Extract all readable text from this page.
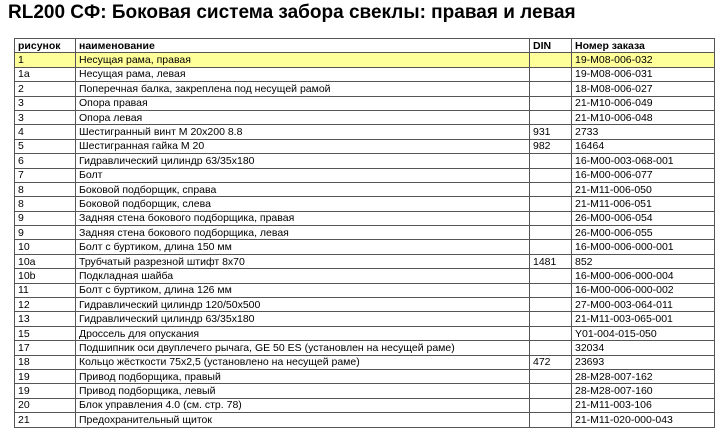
RL200 СФ: Боковая система забора свеклы: правая и левая
рисунок	наименование	DIN	Номер заказа
1	Несущая рама, правая		19-M08-006-032
1a	Несущая рама, левая		19-M08-006-031
2	Поперечная балка, закреплена под несущей рамой		18-M08-006-027
3	Опора правая		21-M10-006-049
3	Опора левая		21-M10-006-048
4	Шестигранный винт М 20x200 8.8	931	2733
5	Шестигранная гайка М 20	982	16464
6	Гидравлический цилиндр 63/35x180		16-M00-003-068-001
7	Болт		16-M00-006-077
8	Боковой подборщик, справа		21-M11-006-050
8	Боковой подборщик, слева		21-M11-006-051
9	Задняя стена бокового подборщика, правая		26-M00-006-054
9	Задняя стена бокового подборщика, левая		26-M00-006-055
10	Болт с буртиком, длина 150 мм		16-M00-006-000-001
10a	Трубчатый разрезной штифт 8x70	1481	852
10b	Подкладная шайба		16-M00-006-000-004
11	Болт с буртиком, длина 126 мм		16-M00-006-000-002
12	Гидравлический цилиндр 120/50x500		27-M00-003-064-011
13	Гидравлический цилиндр 63/35x180		21-M11-003-065-001
15	Дроссель для опускания		Y01-004-015-050
17	Подшипник оси двуплечего рычага, GE 50 ES (установлен на несущей раме)		32034
18	Кольцо жёсткости 75x2,5 (установлено на несущей раме)	472	23693
19	Привод подборщика, правый		28-M28-007-162
19	Привод подборщика, левый		28-M28-007-160
20	Блок управления 4.0 (см. стр. 78)		21-M11-003-106
21	Предохранительный щиток		21-M11-020-000-043
